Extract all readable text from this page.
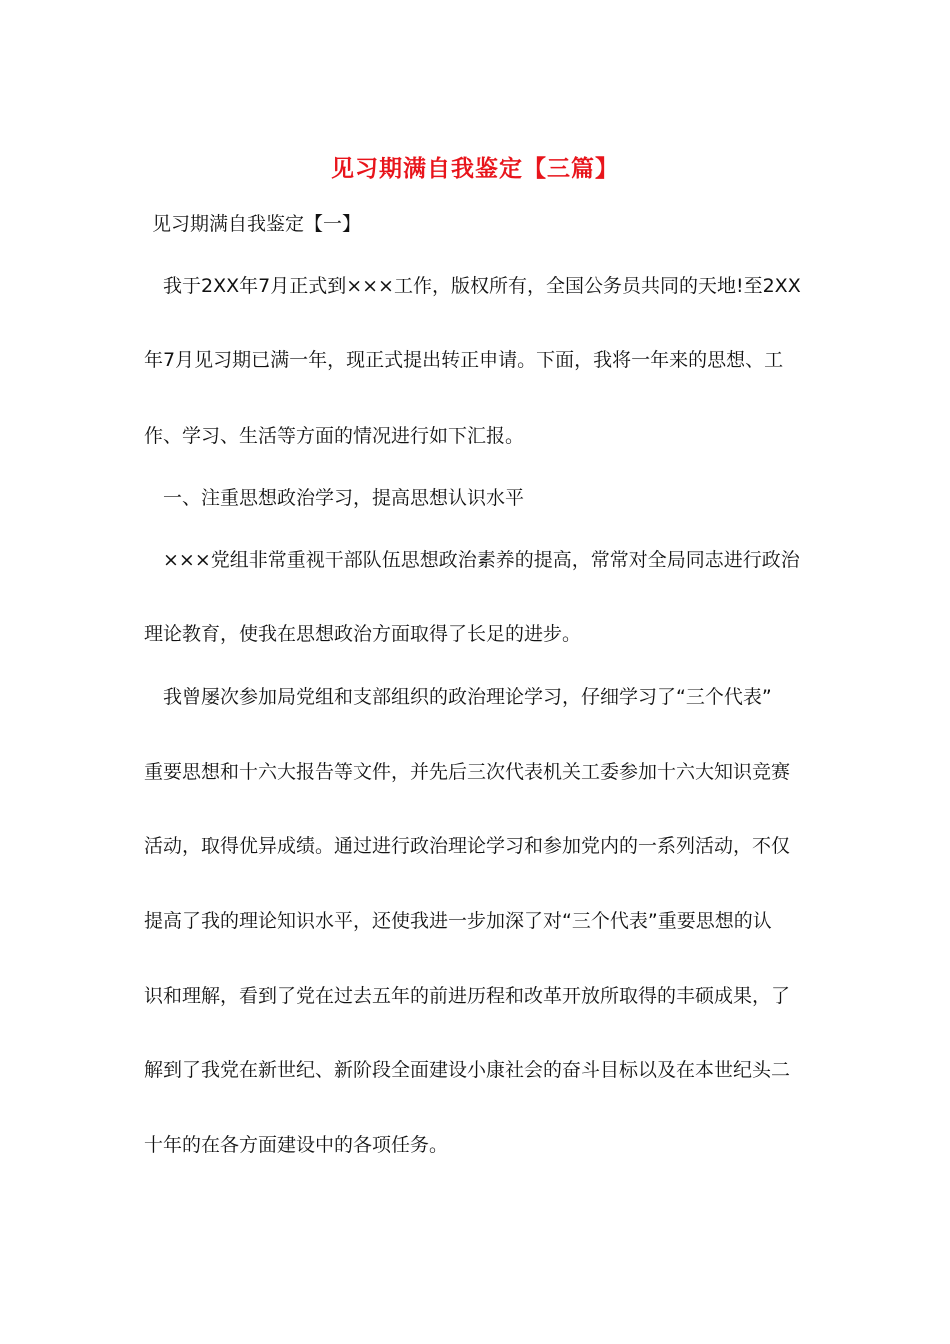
见习期满自我鉴定【三篇】
见习期满自我鉴定【一】
我于2XX年7月正式到×××工作，版权所有，全国公务员共同的天地!至2XX
年7月见习期已满一年，现正式提出转正申请。下面，我将一年来的思想、工
作、学习、生活等方面的情况进行如下汇报。
一、注重思想政治学习，提高思想认识水平
×××党组非常重视干部队伍思想政治素养的提高，常常对全局同志进行政治
理论教育，使我在思想政治方面取得了长足的进步。
我曾屡次参加局党组和支部组织的政治理论学习，仔细学习了“三个代表”
重要思想和十六大报告等文件，并先后三次代表机关工委参加十六大知识竞赛
活动，取得优异成绩。通过进行政治理论学习和参加党内的一系列活动，不仅
提高了我的理论知识水平，还使我进一步加深了对“三个代表”重要思想的认
识和理解，看到了党在过去五年的前进历程和改革开放所取得的丰硕成果，了
解到了我党在新世纪、新阶段全面建设小康社会的奋斗目标以及在本世纪头二
十年的在各方面建设中的各项任务。
